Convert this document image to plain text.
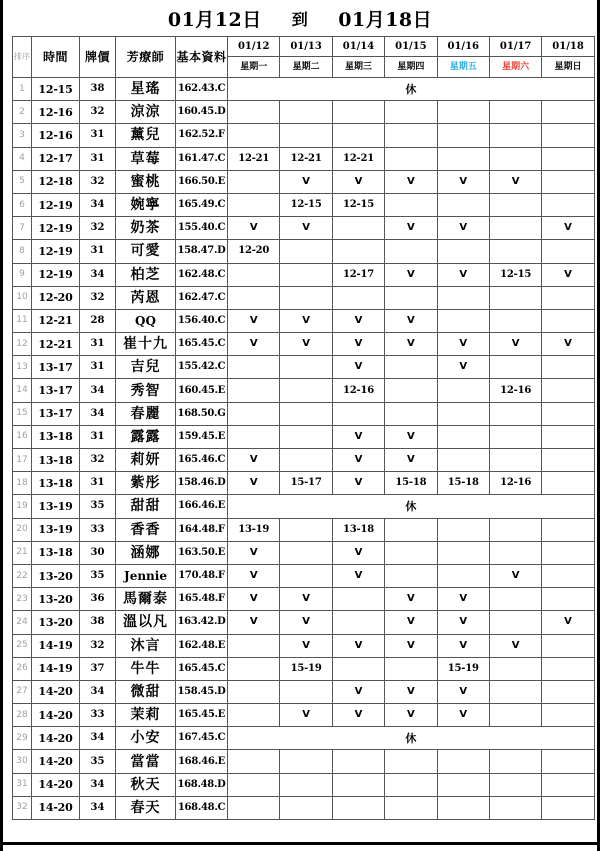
01月12日 到 01月18日
排序	時間	牌價	芳療師	基本資料	01/12	01/13	01/14	01/15	01/16	01/17	01/18
					星期一	星期二	星期三	星期四	星期五	星期六	星期日
1	12-15	38	星瑤	162.43.C	休						
2	12-16	32	涼涼	160.45.D							
3	12-16	31	薰兒	162.52.F							
4	12-17	31	草莓	161.47.C	12-21	12-21	12-21				
5	12-18	32	蜜桃	166.50.E		V	V	V	V	V	
6	12-19	34	婉寧	165.49.C		12-15	12-15				
7	12-19	32	奶茶	155.40.C	V	V		V	V		V
8	12-19	31	可愛	158.47.D	12-20						
9	12-19	34	柏芝	162.48.C			12-17	V	V	12-15	V
10	12-20	32	芮恩	162.47.C							
11	12-21	28	QQ	156.40.C	V	V	V	V			
12	12-21	31	崔十九	165.45.C	V	V	V	V	V	V	V
13	13-17	31	吉兒	155.42.C			V		V		
14	13-17	34	秀智	160.45.E			12-16			12-16	
15	13-17	34	春麗	168.50.G							
16	13-18	31	露露	159.45.E			V	V			
17	13-18	32	莉妍	165.46.C	V		V	V			
18	13-18	31	紫彤	158.46.D	V	15-17	V	15-18	15-18	12-16	
19	13-19	35	甜甜	166.46.E	休						
20	13-19	33	香香	164.48.F	13-19		13-18				
21	13-18	30	涵娜	163.50.E	V		V				
22	13-20	35	Jennie	170.48.F	V		V			V	
23	13-20	36	馬爾泰	165.48.F	V	V		V	V		
24	13-20	38	溫以凡	163.42.D	V	V		V	V		V
25	14-19	32	沐言	162.48.E		V	V	V	V	V	
26	14-19	37	牛牛	165.45.C		15-19			15-19		
27	14-20	34	微甜	158.45.D			V	V	V		
28	14-20	33	茉莉	165.45.E		V	V	V	V		
29	14-20	34	小安	167.45.C	休						
30	14-20	35	當當	168.46.E							
31	14-20	34	秋天	168.48.D							
32	14-20	34	春天	168.48.C							
